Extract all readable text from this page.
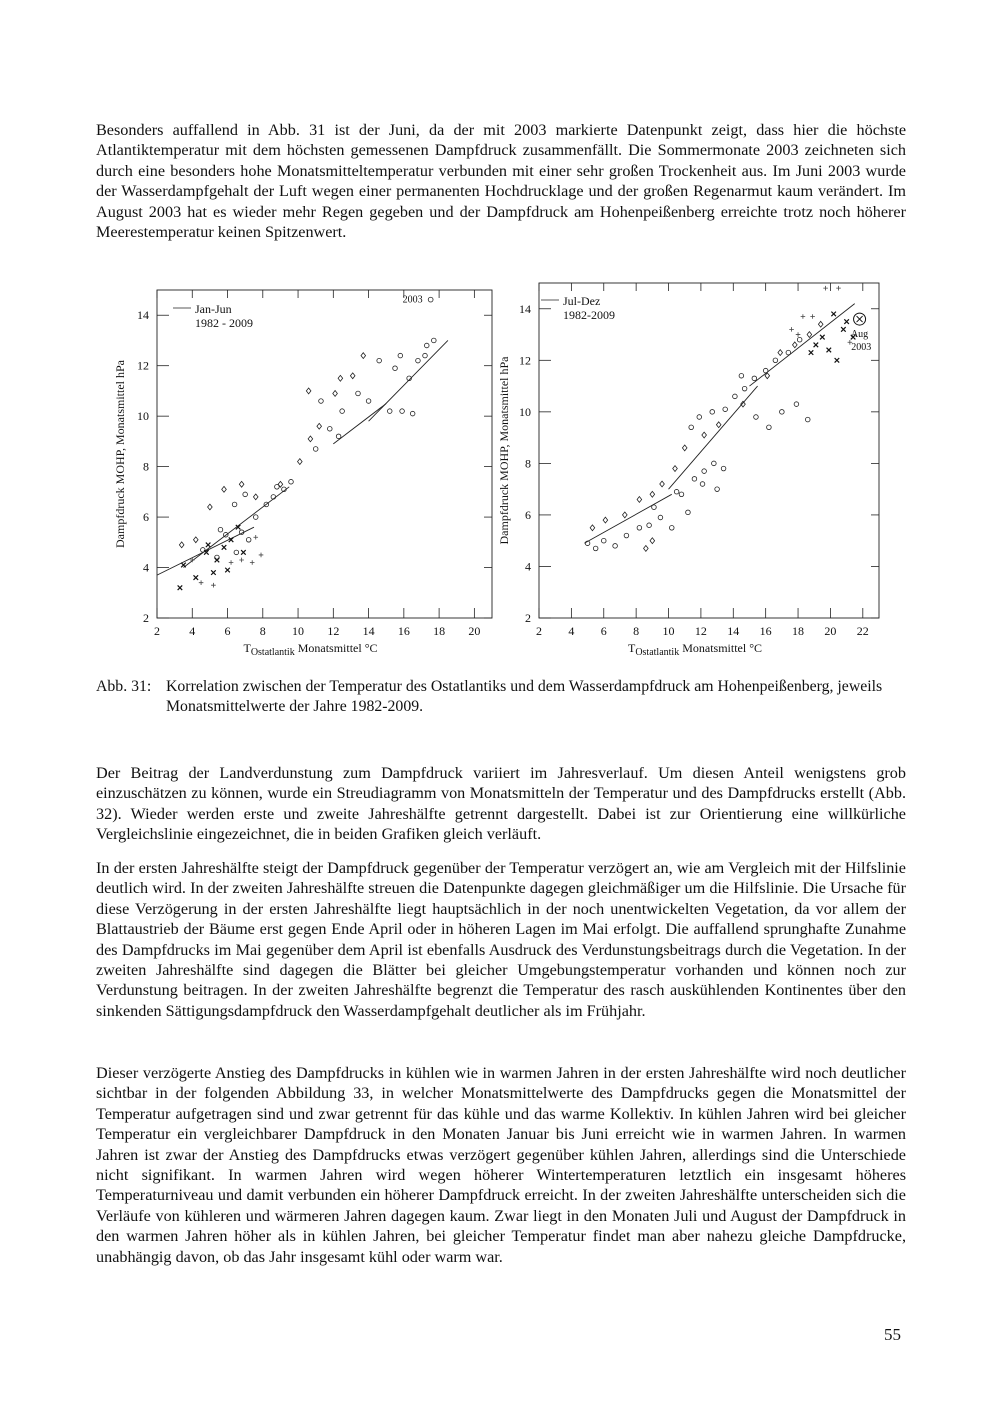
Besonders auffallend in Abb. 31 ist der Juni, da der mit 2003 markierte Datenpunkt zeigt, dass hier die höchste Atlantiktemperatur mit dem höchsten gemessenen Dampfdruck zusammenfällt. Die Sommermonate 2003 zeichneten sich durch eine besonders hohe Monatsmitteltemperatur verbunden mit einer sehr großen Trockenheit aus. Im Juni 2003 wurde der Wasserdampfgehalt der Luft wegen einer permanenten Hochdrucklage und der großen Regenarmut kaum verändert. Im August 2003 hat es wieder mehr Regen gegeben und der Dampfdruck am Hohenpeißenberg erreichte trotz noch höherer Meerestemperatur keinen Spitzenwert.

2
4
6
8
10
12
14
2 4 6 8 10 12 14 16 18 20
$T_{Ostatlantik}$ Monatsmittel °C
Dampfdruck MOHP, Monatsmittel hPa
Jan-Jun
1982 - 2009
2003
2
4
6
8
10
12
14
2 4 6 8 10 12 14 16 18 20 22
$T_{Ostatlantik}$ Monatsmittel °C
Dampfdruck MOHP, Monatsmittel hPa
Jul-Dez
1982-2009
Aug
2003
Abb. 31: Korrelation zwischen der Temperatur des Ostatlantiks und dem Wasserdampfdruck am Hohenpeißenberg, jeweils Monatsmittelwerte der Jahre 1982-2009.

Der Beitrag der Landverdunstung zum Dampfdruck variiert im Jahresverlauf. Um diesen Anteil wenigstens grob einzuschätzen zu können, wurde ein Streudiagramm von Monatsmitteln der Temperatur und des Dampfdrucks erstellt (Abb. 32). Wieder werden erste und zweite Jahreshälfte getrennt dargestellt. Dabei ist zur Orientierung eine willkürliche Vergleichslinie eingezeichnet, die in beiden Grafiken gleich verläuft.

In der ersten Jahreshälfte steigt der Dampfdruck gegenüber der Temperatur verzögert an, wie am Vergleich mit der Hilfslinie deutlich wird. In der zweiten Jahreshälfte streuen die Datenpunkte dagegen gleichmäßiger um die Hilfslinie. Die Ursache für diese Verzögerung in der ersten Jahreshälfte liegt hauptsächlich in der noch unentwickelten Vegetation, da vor allem der Blattaustrieb der Bäume erst gegen Ende April oder in höheren Lagen im Mai erfolgt. Die auffallend sprunghafte Zunahme des Dampfdrucks im Mai gegenüber dem April ist ebenfalls Ausdruck des Verdunstungsbeitrags durch die Vegetation. In der zweiten Jahreshälfte sind dagegen die Blätter bei gleicher Umgebungstemperatur vorhanden und können noch zur Verdunstung beitragen. In der zweiten Jahreshälfte begrenzt die Temperatur des rasch auskühlenden Kontinentes über den sinkenden Sättigungsdampfdruck den Wasserdampfgehalt deutlicher als im Frühjahr.

Dieser verzögerte Anstieg des Dampfdrucks in kühlen wie in warmen Jahren in der ersten Jahreshälfte wird noch deutlicher sichtbar in der folgenden Abbildung 33, in welcher Monatsmittelwerte des Dampfdrucks gegen die Monatsmittel der Temperatur aufgetragen sind und zwar getrennt für das kühle und das warme Kollektiv. In kühlen Jahren wird bei gleicher Temperatur ein vergleichbarer Dampfdruck in den Monaten Januar bis Juni erreicht wie in warmen Jahren. In warmen Jahren ist zwar der Anstieg des Dampfdrucks etwas verzögert gegenüber kühlen Jahren, allerdings sind die Unterschiede nicht signifikant. In warmen Jahren wird wegen höherer Wintertemperaturen letztlich ein insgesamt höheres Temperaturniveau und damit verbunden ein höherer Dampfdruck erreicht. In der zweiten Jahreshälfte unterscheiden sich die Verläufe von kühleren und wärmeren Jahren dagegen kaum. Zwar liegt in den Monaten Juli und August der Dampfdruck in den warmen Jahren höher als in kühlen Jahren, bei gleicher Temperatur findet man aber nahezu gleiche Dampfdrucke, unabhängig davon, ob das Jahr insgesamt kühl oder warm war.

55
